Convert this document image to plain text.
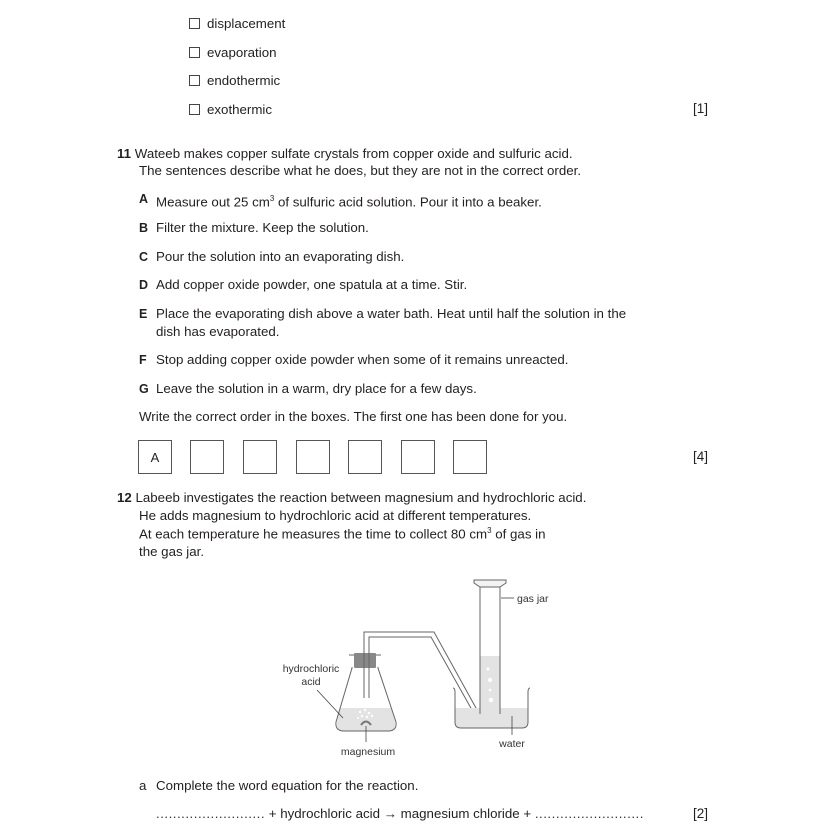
displacement
evaporation
endothermic
exothermic	[1]
11 Wateeb makes copper sulfate crystals from copper oxide and sulfuric acid.
The sentences describe what he does, but they are not in the correct order.
A Measure out 25 $cm^3$ of sulfuric acid solution. Pour it into a beaker.
B Filter the mixture. Keep the solution.
C Pour the solution into an evaporating dish.
D Add copper oxide powder, one spatula at a time. Stir.
E Place the evaporating dish above a water bath. Heat until half the solution in the
dish has evaporated.
F Stop adding copper oxide powder when some of it remains unreacted.
G Leave the solution in a warm, dry place for a few days.
Write the correct order in the boxes. The first one has been done for you.
A	[4]
12 Labeeb investigates the reaction between magnesium and hydrochloric acid.
He adds magnesium to hydrochloric acid at different temperatures.
At each temperature he measures the time to collect 80 $cm^3$ of gas in
the gas jar.
gas jar
hydrochloric
acid
magnesium
water
a Complete the word equation for the reaction.
.......................... + hydrochloric acid → magnesium chloride + ..........................	[2]
